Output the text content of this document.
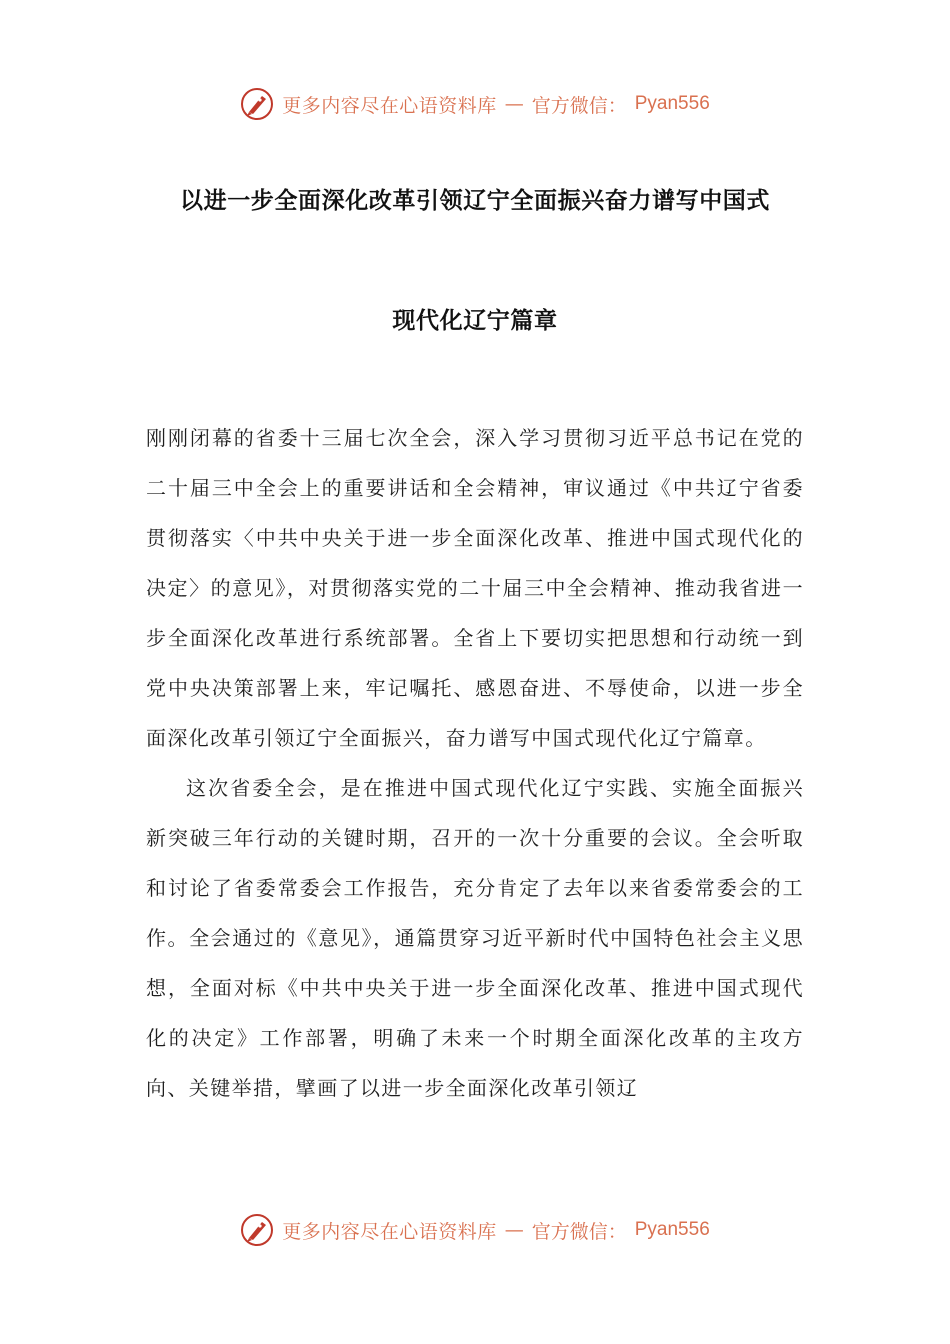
更多内容尽在心语资料库 — 官方微信： Pyan556
以进一步全面深化改革引领辽宁全面振兴奋力谱写中国式
现代化辽宁篇章

刚刚闭幕的省委十三届七次全会，深入学习贯彻习近平总书记在党的二十届三中全会上的重要讲话和全会精神，审议通过《中共辽宁省委贯彻落实〈中共中央关于进一步全面深化改革、推进中国式现代化的决定〉的意见》，对贯彻落实党的二十届三中全会精神、推动我省进一步全面深化改革进行系统部署。全省上下要切实把思想和行动统一到党中央决策部署上来，牢记嘱托、感恩奋进、不辱使命，以进一步全面深化改革引领辽宁全面振兴，奋力谱写中国式现代化辽宁篇章。

这次省委全会，是在推进中国式现代化辽宁实践、实施全面振兴新突破三年行动的关键时期，召开的一次十分重要的会议。全会听取和讨论了省委常委会工作报告，充分肯定了去年以来省委常委会的工作。全会通过的《意见》，通篇贯穿习近平新时代中国特色社会主义思想，全面对标《中共中央关于进一步全面深化改革、推进中国式现代化的决定》工作部署，明确了未来一个时期全面深化改革的主攻方向、关键举措，擘画了以进一步全面深化改革引领辽

更多内容尽在心语资料库 — 官方微信： Pyan556
